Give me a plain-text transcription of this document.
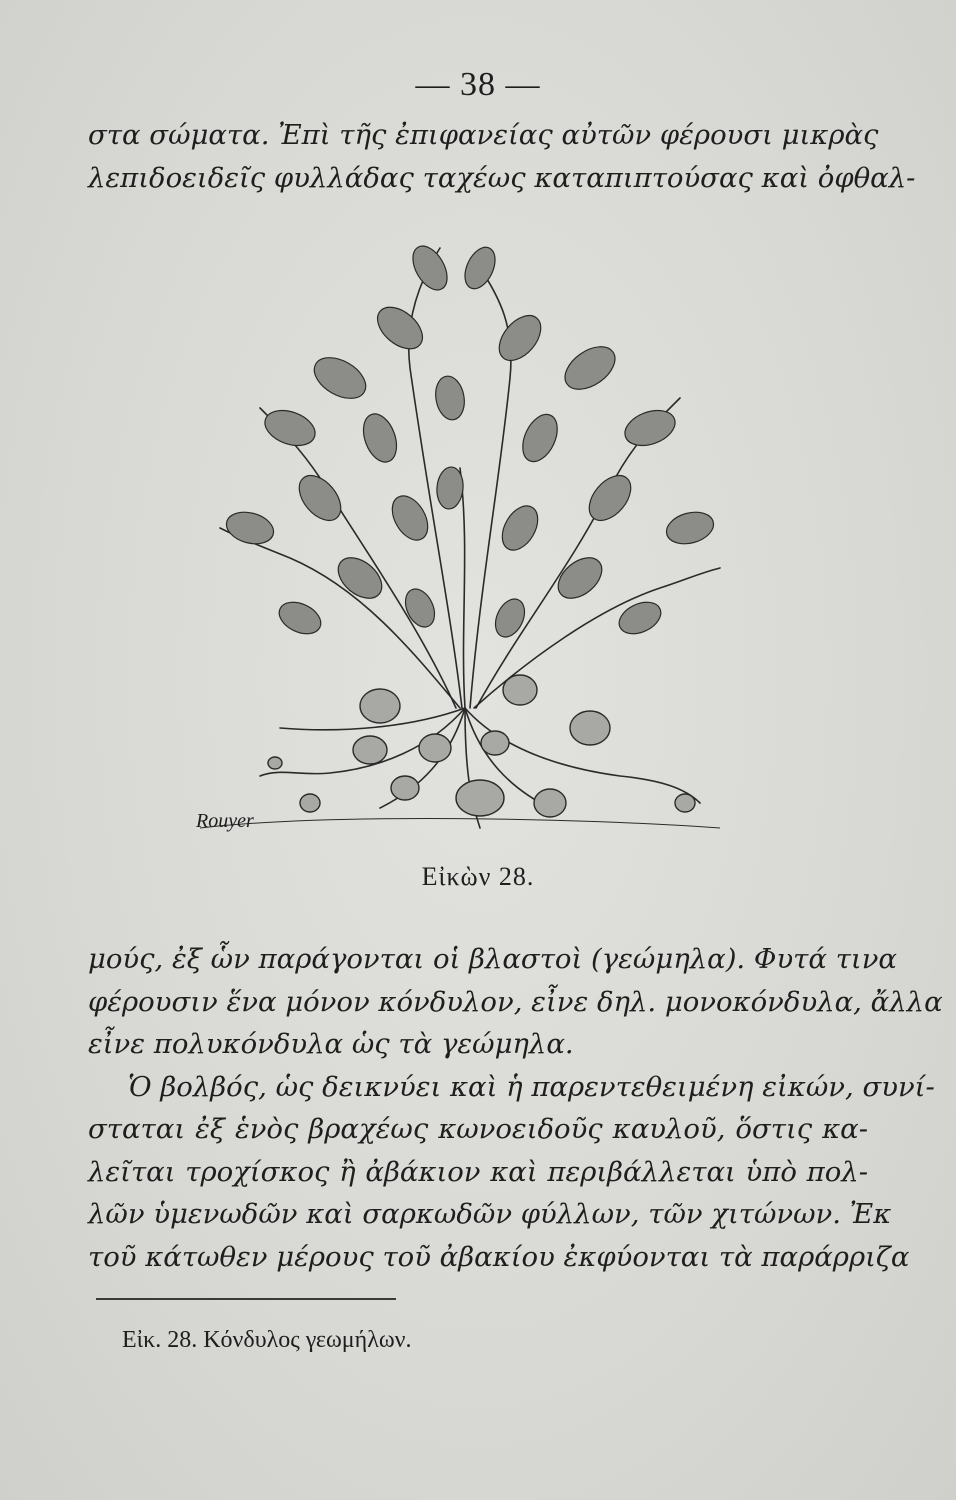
— 38 —
στα σώματα. Ἐπὶ τῆς ἐπιφανείας αὐτῶν φέρουσι μικρὰς
λεπιδοειδεῖς φυλλάδας ταχέως καταπιπτούσας καὶ ὀφθαλ-
Rouyer
Εἰκὼν 28.
μούς, ἐξ ὧν παράγονται οἱ βλαστοὶ (γεώμηλα). Φυτά τινα
φέρουσιν ἕνα μόνον κόνδυλον, εἶνε δηλ. μονοκόνδυλα, ἄλλα
εἶνε πολυκόνδυλα ὡς τὰ γεώμηλα.
Ὁ βολβός, ὡς δεικνύει καὶ ἡ παρεντεθειμένη εἰκών, συνί-
σταται ἐξ ἑνὸς βραχέως κωνοειδοῦς καυλοῦ, ὅστις κα-
λεῖται τροχίσκος ἢ ἀβάκιον καὶ περιβάλλεται ὑπὸ πολ-
λῶν ὑμενωδῶν καὶ σαρκωδῶν φύλλων, τῶν χιτώνων. Ἐκ
τοῦ κάτωθεν μέρους τοῦ ἀβακίου ἐκφύονται τὰ παράρριζα
Εἰκ. 28. Κόνδυλος γεωμήλων.
